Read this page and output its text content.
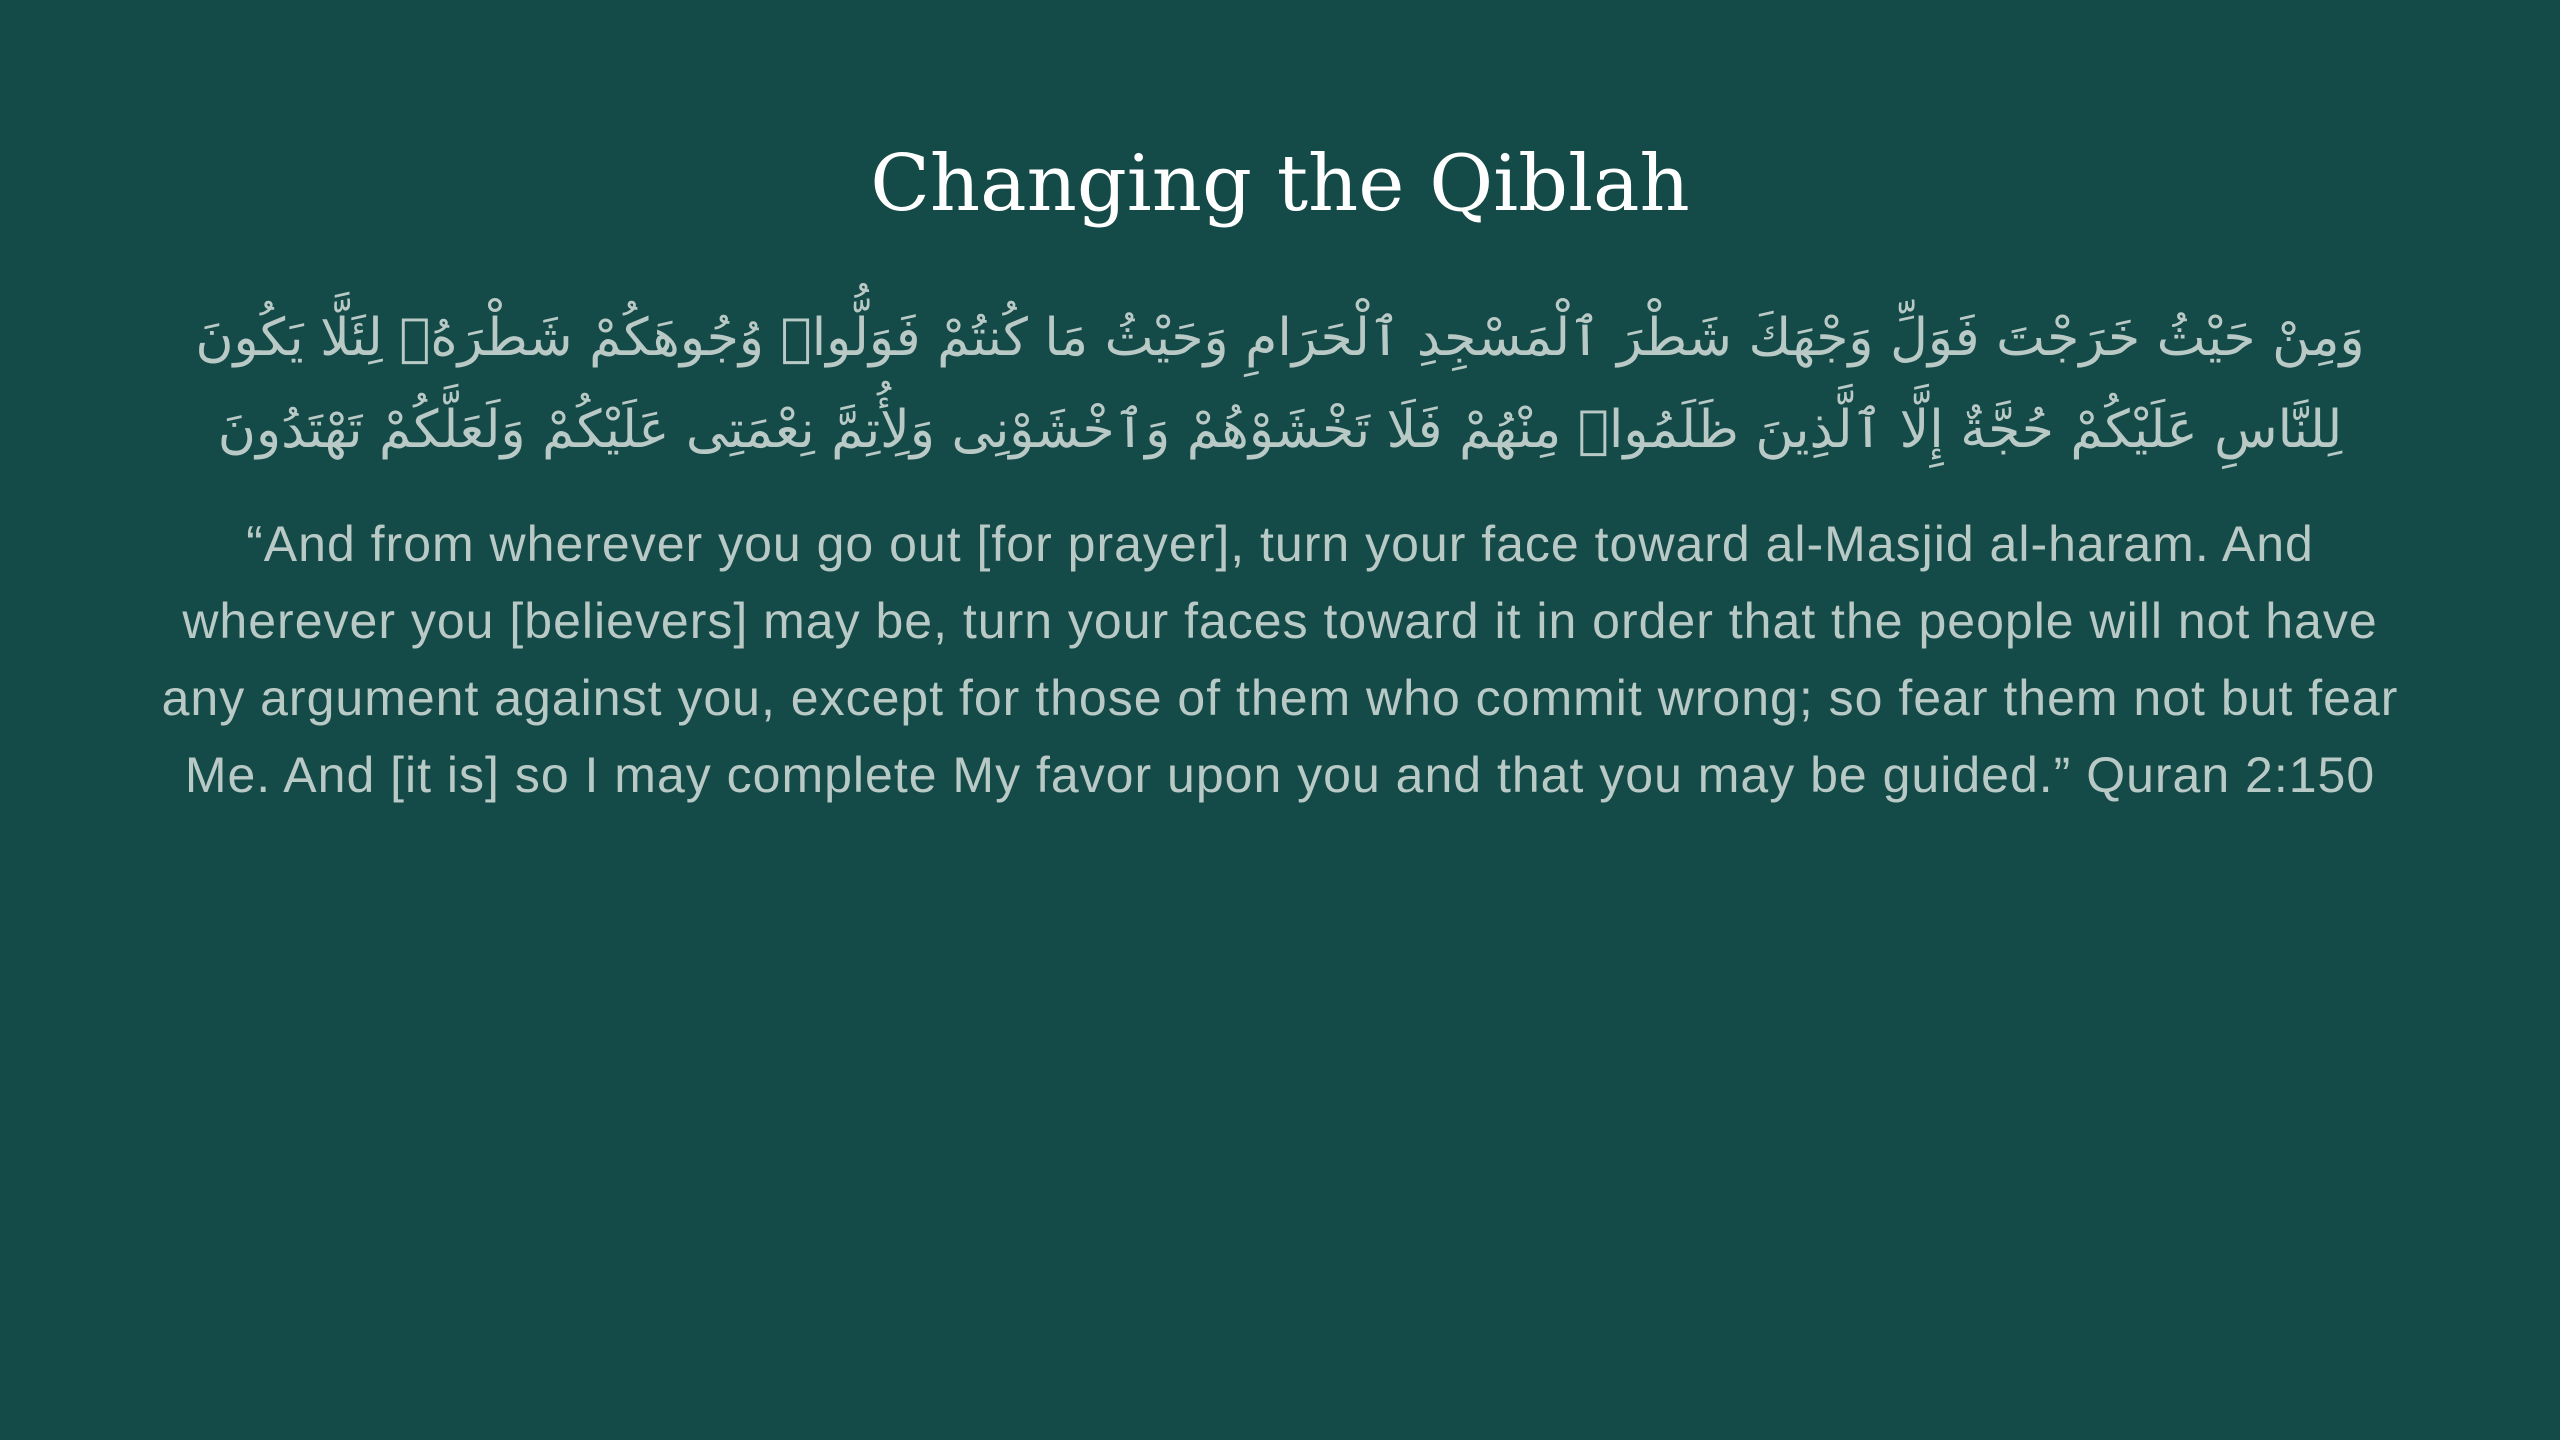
Changing the Qiblah

وَمِنْ حَيْثُ خَرَجْتَ فَوَلِّ وَجْهَكَ شَطْرَ ٱلْمَسْجِدِ ٱلْحَرَامِ وَحَيْثُ مَا كُنتُمْ فَوَلُّوا۟ وُجُوهَكُمْ شَطْرَهُۥ لِئَلَّا يَكُونَ لِلنَّاسِ عَلَيْكُمْ حُجَّةٌ إِلَّا ٱلَّذِينَ ظَلَمُوا۟ مِنْهُمْ فَلَا تَخْشَوْهُمْ وَٱخْشَوْنِى وَلِأُتِمَّ نِعْمَتِى عَلَيْكُمْ وَلَعَلَّكُمْ تَهْتَدُونَ

“And from wherever you go out [for prayer], turn your face toward al-Masjid al-haram. And wherever you [believers] may be, turn your faces toward it in order that the people will not have any argument against you, except for those of them who commit wrong; so fear them not but fear Me. And [it is] so I may complete My favor upon you and that you may be guided.” Quran 2:150
